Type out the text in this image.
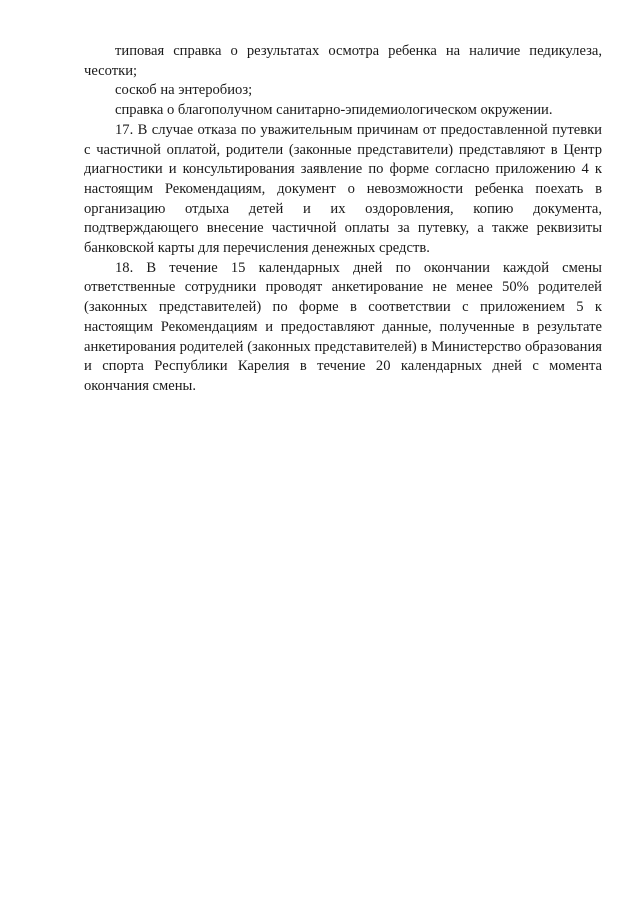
типовая справка о результатах осмотра ребенка на наличие педикулеза, чесотки;

соскоб на энтеробиоз;

справка о благополучном санитарно-эпидемиологическом окружении.

17. В случае отказа по уважительным причинам от предоставленной путевки с частичной оплатой, родители (законные представители) представляют в Центр диагностики и консультирования заявление по форме согласно приложению 4 к настоящим Рекомендациям, документ о невозможности ребенка поехать в организацию отдыха детей и их оздоровления, копию документа, подтверждающего внесение частичной оплаты за путевку, а также реквизиты банковской карты для перечисления денежных средств.

18. В течение 15 календарных дней по окончании каждой смены ответственные сотрудники проводят анкетирование не менее 50% родителей (законных представителей) по форме в соответствии с приложением 5 к настоящим Рекомендациям и предоставляют данные, полученные в результате анкетирования родителей (законных представителей) в Министерство образования и спорта Республики Карелия в течение 20 календарных дней с момента окончания смены.
